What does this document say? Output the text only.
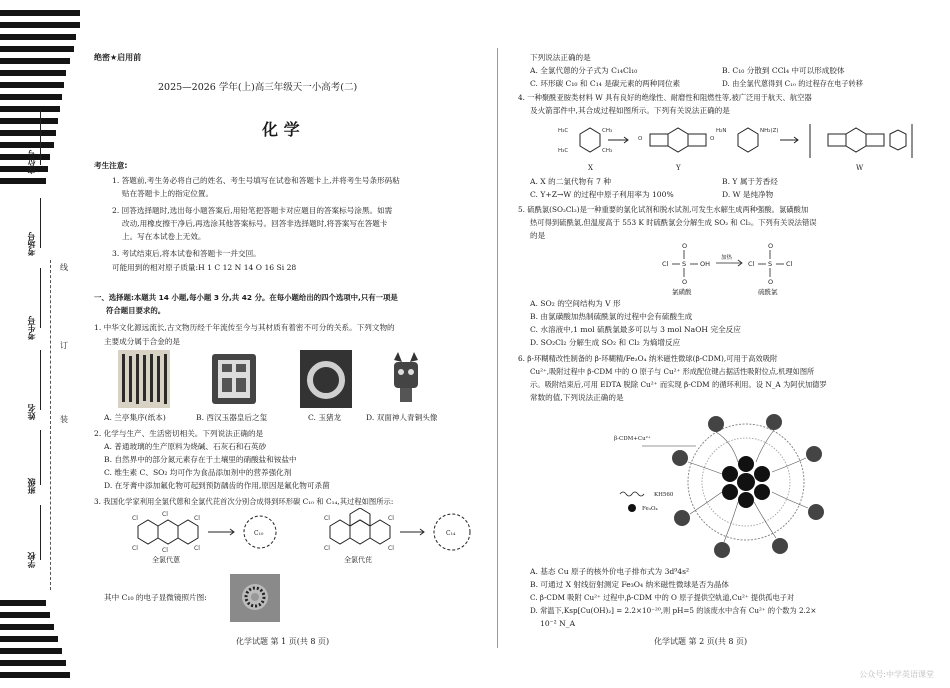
座位号
考场号
考生号
姓名
班级
学校
线
订
装
绝密★启用前
2025—2026 学年(上)高三年级天一小高考(二)
化 学
考生注意:
1. 答题前,考生务必将自己的姓名、考生号填写在试卷和答题卡上,并将考生号条形码粘
贴在答题卡上的指定位置。
2. 回答选择题时,选出每小题答案后,用铅笔把答题卡对应题目的答案标号涂黑。如需
改动,用橡皮擦干净后,再选涂其他答案标号。回答非选择题时,将答案写在答题卡
上。写在本试卷上无效。
3. 考试结束后,将本试卷和答题卡一并交回。
可能用到的相对原子质量:H 1 C 12 N 14 O 16 Si 28
一、选择题:本题共 14 小题,每小题 3 分,共 42 分。在每小题给出的四个选项中,只有一项是
符合题目要求的。
1. 中华文化源远流长,古文物历经千年流传至今与其材质有着密不可分的关系。下列文物的
主要成分属于合金的是
A. 兰亭集序(纸本)	B. 西汉玉器皇后之玺	C. 玉猪龙	D. 双面神人青铜头像
2. 化学与生产、生活密切相关。下列说法正确的是
A. 普通玻璃的生产原料为烧碱、石灰石和石英砂
B. 自然界中的部分氮元素存在于土壤里的硝酸盐和铵盐中
C. 维生素 C、SO₂ 均可作为食品添加剂中的营养强化剂
D. 在牙膏中添加氟化物可起到预防龋齿的作用,原因是氟化物可杀菌
3. 我国化学家利用全氯代蒽和全氯代芘首次分别合成得到环形碳 C₁₀ 和 C₁₄,其过程如图所示:
Cl
Cl
Cl
Cl	Cl	Cl
Cl	Cl
Cl	Cl
C₁₀	C₁₄
全氯代蒽	全氯代芘
其中 C₁₀ 的电子显微镜照片图:
化学试题 第 1 页(共 8 页)
下列说法正确的是
A. 全氯代蒽的分子式为 C₁₄Cl₁₀	B. C₁₀ 分散到 CCl₄ 中可以形成胶体
C. 环形碳 C₁₀ 和 C₁₄ 是碳元素的两种同位素	D. 由全氯代蒽得到 C₁₀ 的过程存在电子转移
4. 一种聚酰亚胺类材料 W 具有良好的绝缘性、耐磨性和阻燃性等,被广泛用于航天、航空器
及火箭部件中,其合成过程如图所示。下列有关说法正确的是
H₃C	CH₃
H₃C	CH₃
H₂N	NH₂(Z)
O	O
X	Y	W
A. X 的二氯代物有 7 种	B. Y 属于芳香烃
C. Y+Z→W 的过程中原子利用率为 100%	D. W 是纯净物
5. 硫酰氯(SO₂Cl₂)是一种重要的氯化试剂和脱水试剂,可发生水解生成两种强酸。氯磺酸加
热可得到硫酰氯,但温度高于 553 K 时硫酰氯会分解生成 SO₂ 和 Cl₂。下列有关说法错误
的是
O
Cl S OH
O
O
Cl S Cl
O
加热
氯磺酸	硫酰氯
A. SO₂ 的空间结构为 V 形
B. 由氯磺酸加热制硫酰氯的过程中会有硫酸生成
C. 水溶液中,1 mol 硫酰氯最多可以与 3 mol NaOH 完全反应
D. SO₂Cl₂ 分解生成 SO₂ 和 Cl₂ 为熵增反应
6. β-环糊精改性制备的 β-环糊精/Fe₃O₄ 纳米磁性微球(β-CDM),可用于高效吸附
Cu²⁺,吸附过程中 β-CDM 中的 O 原子与 Cu²⁺ 形成配位键占据活性吸附位点,机理如图所
示。吸附结束后,可用 EDTA 脱除 Cu²⁺ 而实现 β-CDM 的循环利用。设 N_A 为阿伏加德罗
常数的值,下列说法正确的是
β-CDM+Cu²⁺
KH560
Fe₃O₄
A. 基态 Cu 原子的核外价电子排布式为 3d⁹4s²
B. 可通过 X 射线衍射测定 Fe₃O₄ 纳米磁性微球是否为晶体
C. β-CDM 吸附 Cu²⁺ 过程中,β-CDM 中的 O 原子提供空轨道,Cu²⁺ 提供孤电子对
D. 常温下,Ksp[Cu(OH)₂] = 2.2×10⁻²⁰,则 pH=5 的该废水中含有 Cu²⁺ 的个数为 2.2×
10⁻² N_A
化学试题 第 2 页(共 8 页)
公众号:中学英语课堂
